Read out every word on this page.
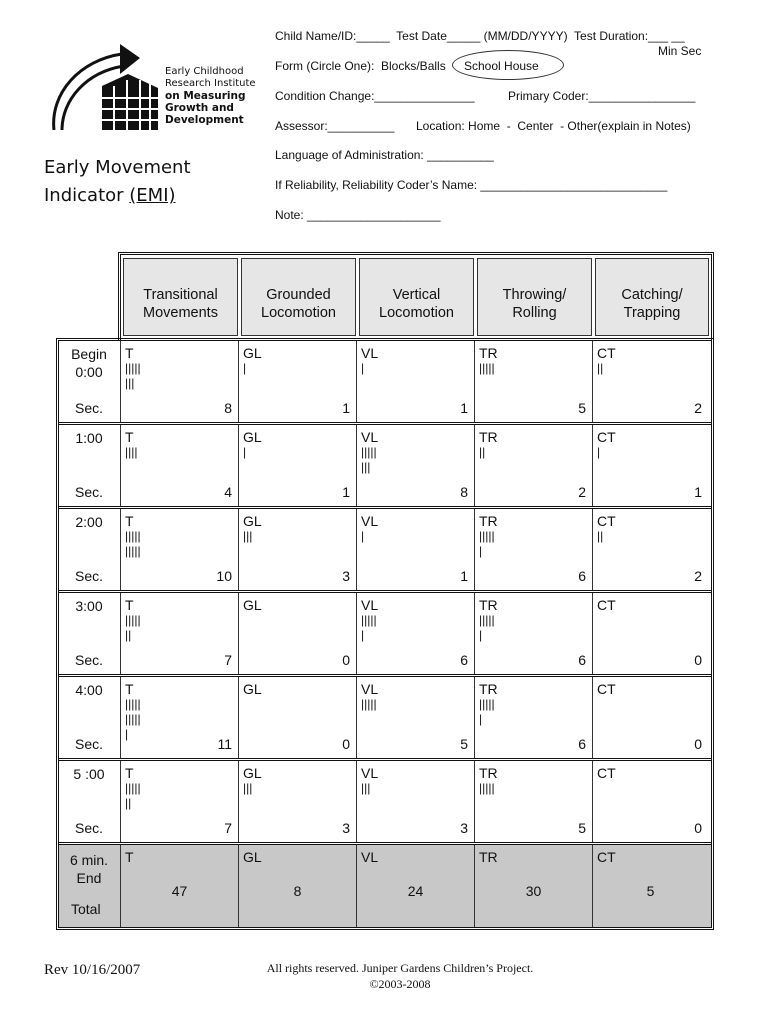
Early Childhood
Research Institute
on Measuring
Growth and
Development
Early Movement
Indicator (EMI)
Child Name/ID:_____  Test Date_____ (MM/DD/YYYY)  Test Duration:___ __
Min Sec
Form (Circle One):  Blocks/Balls School House
Condition Change:_______________	Primary Coder:________________
Assessor:__________ Location: Home  -  Center  - Other(explain in Notes)
Language of Administration: __________
If Reliability, Reliability Coder’s Name: ____________________________
Note: ____________________
Transitional
Movements
Grounded
Locomotion
Vertical
Locomotion
Throwing/
Rolling
Catching/
Trapping
Begin
0:00
Sec.
T
|||||
|||
8
GL
|
1
VL
|
1
TR
|||||
5
CT
||
2
1:00
Sec.
T
||||
4
GL
|
1
VL
|||||
|||
8
TR
||
2
CT
|
1
2:00
Sec.
T
|||||
|||||
10
GL
|||
3
VL
|
1
TR
|||||
|
6
CT
||
2
3:00
Sec.
T
|||||
||
7
GL
0
VL
|||||
|
6
TR
|||||
|
6
CT
0
4:00
Sec.
T
|||||
|||||
|
11
GL
0
VL
|||||
5
TR
|||||
|
6
CT
0
5 :00
Sec.
T
|||||
||
7
GL
|||
3
VL
|||
3
TR
|||||
5
CT
0
6 min.
End
Total
T
47
GL
8
VL
24
TR
30
CT
5
Rev 10/16/2007	All rights reserved. Juniper Gardens Children’s Project.
©2003-2008
